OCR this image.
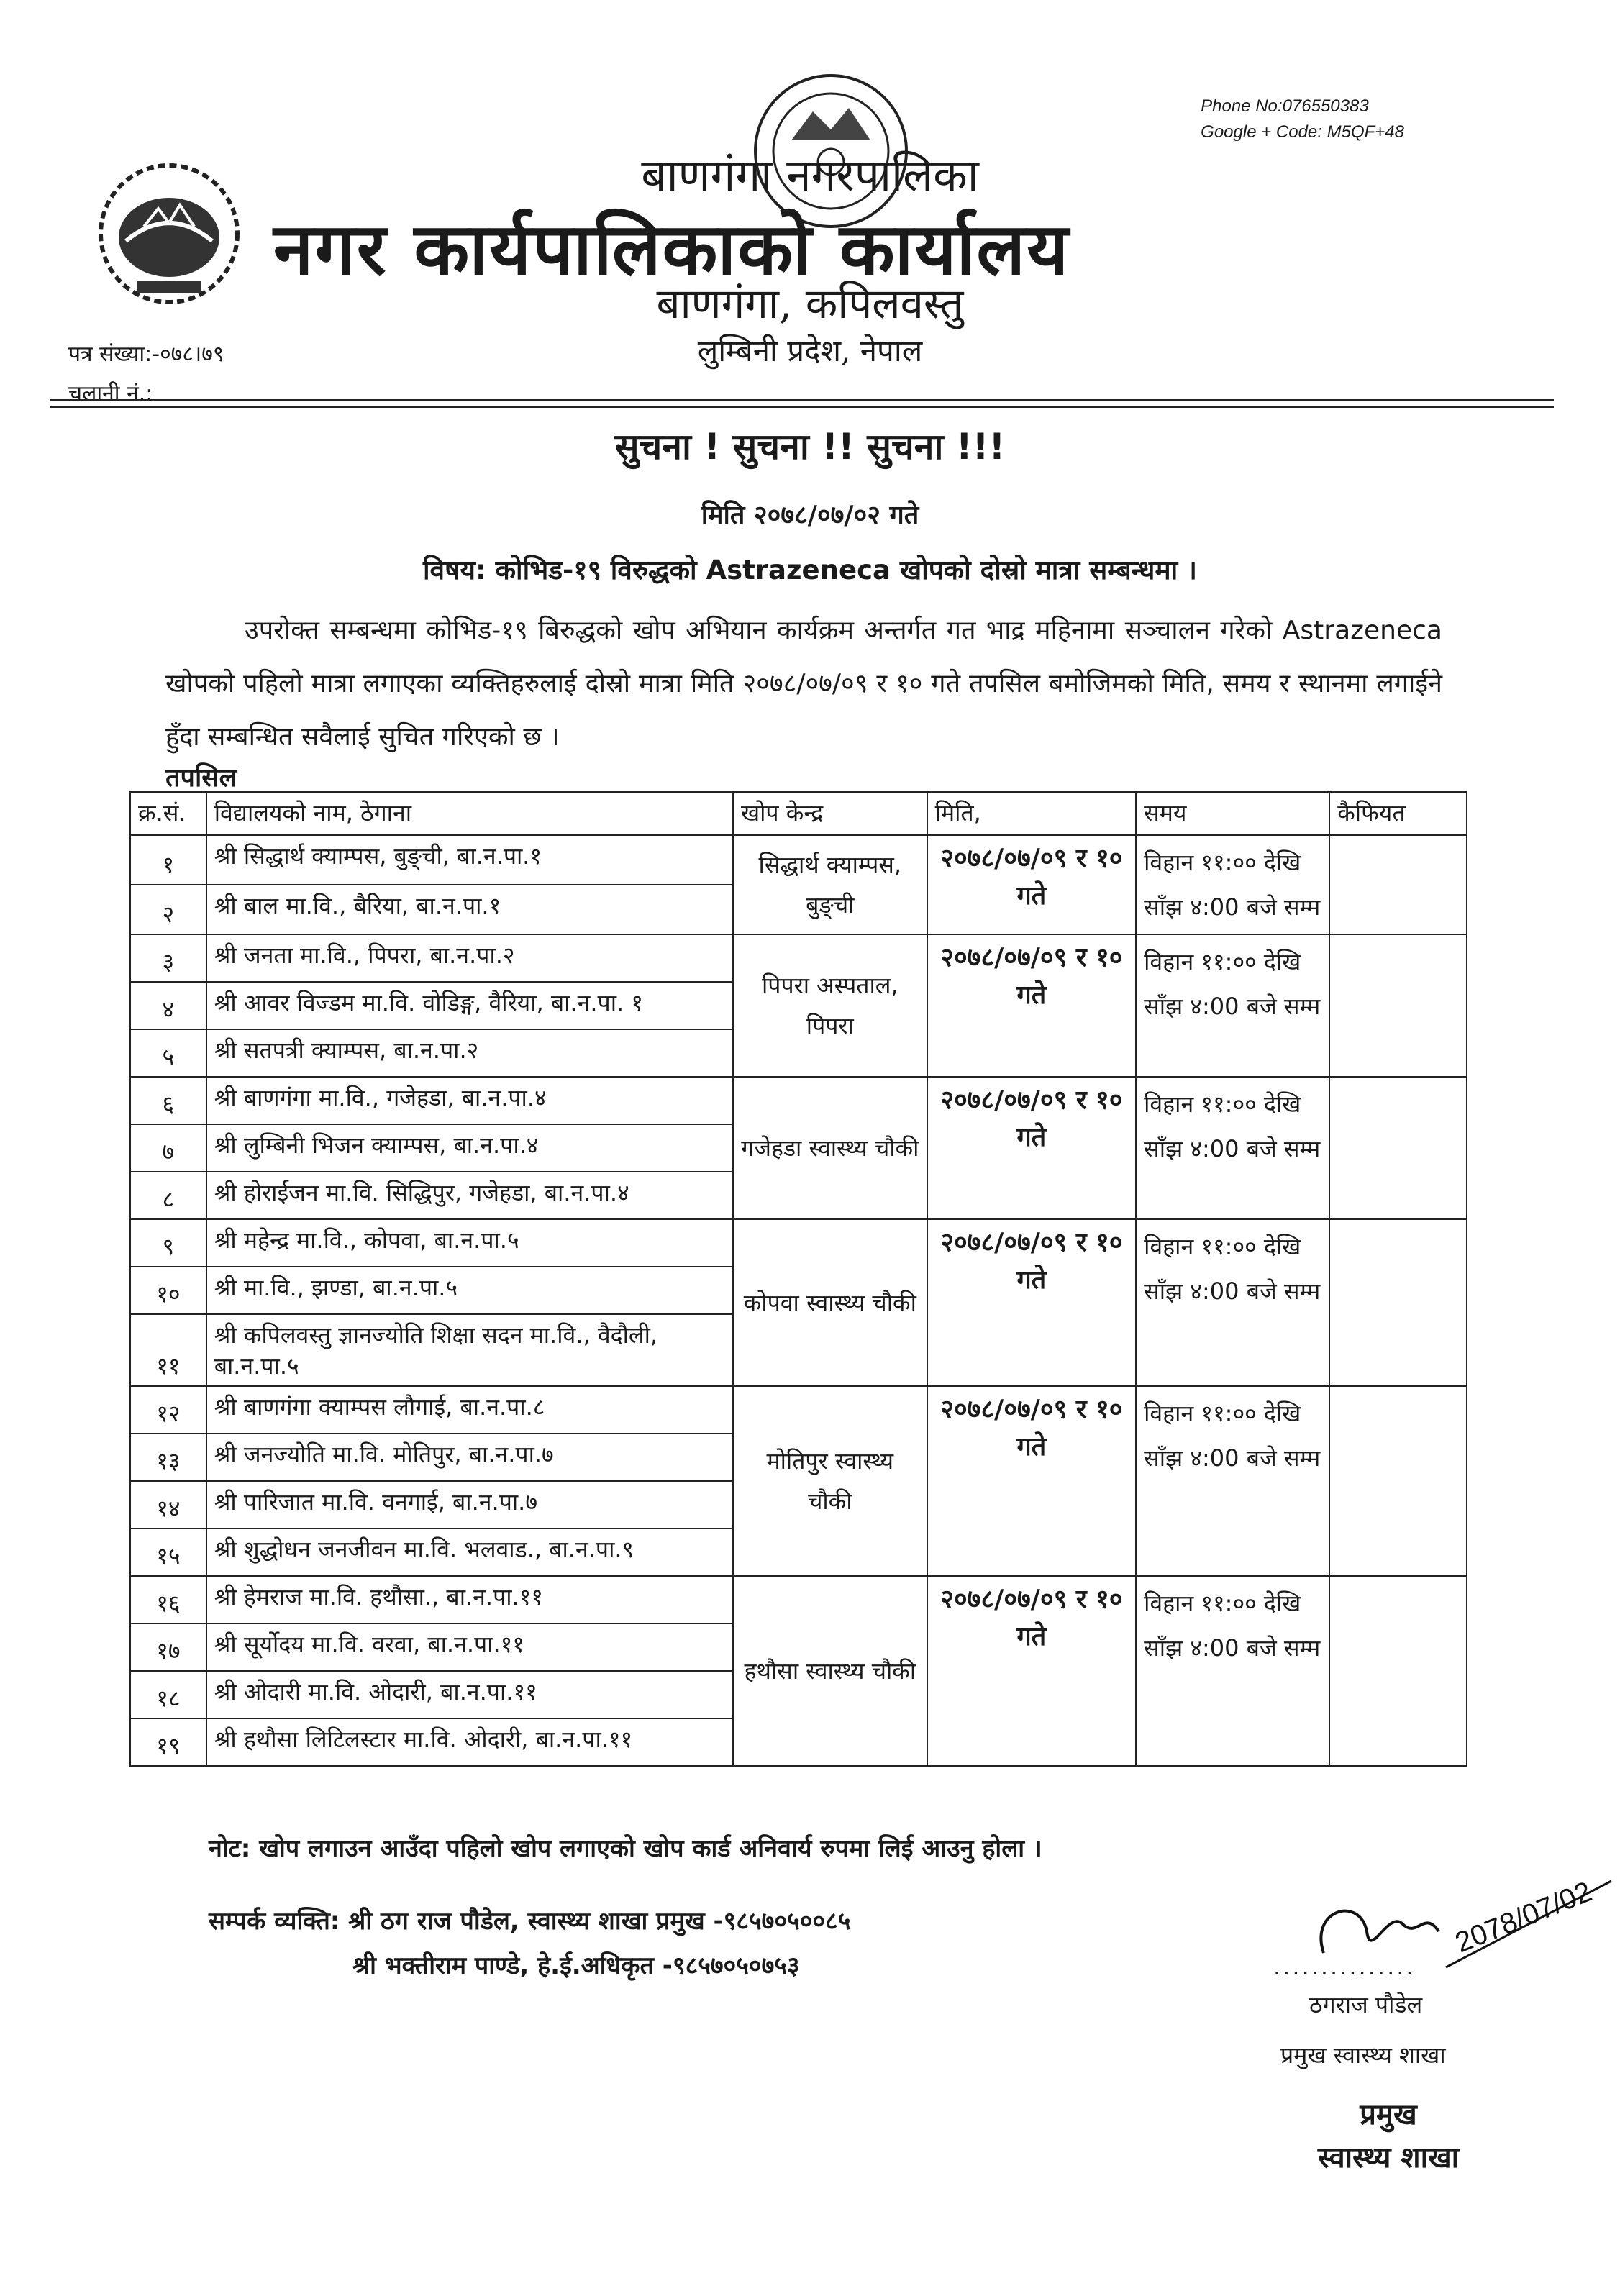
Phone No:076550383
Google + Code: M5QF+48
बाणगंगा नगरपालिका
नगर कार्यपालिकाको कार्यालय
बाणगंगा, कपिलवस्तु
लुम्बिनी प्रदेश, नेपाल
पत्र संख्या:-०७८।७९
चलानी नं.:
सुचना ! सुचना !! सुचना !!!
मिति २०७८/०७/०२ गते
विषय: कोभिड-१९ विरुद्धको Astrazeneca खोपको दोस्रो मात्रा सम्बन्धमा ।

उपरोक्त सम्बन्धमा कोभिड-१९ बिरुद्धको खोप अभियान कार्यक्रम अन्तर्गत गत भाद्र महिनामा सञ्चालन गरेको Astrazeneca खोपको पहिलो मात्रा लगाएका व्यक्तिहरुलाई दोस्रो मात्रा मिति २०७८/०७/०९ र १० गते तपसिल बमोजिमको मिति, समय र स्थानमा लगाईने हुँदा सम्बन्धित सवैलाई सुचित गरिएको छ ।

तपसिल
क्र.सं.	विद्यालयको नाम, ठेगाना	खोप केन्द्र	मिति,	समय	कैफियत
१	श्री सिद्धार्थ क्याम्पस, बुङ्ची, बा.न.पा.१	सिद्धार्थ क्याम्पस, बुङ्ची	२०७८/०७/०९ र १० गते	विहान ११:०० देखि साँझ ४:00 बजे सम्म	
२	श्री बाल मा.वि., बैरिया, बा.न.पा.१				
३	श्री जनता मा.वि., पिपरा, बा.न.पा.२	पिपरा अस्पताल, पिपरा	२०७८/०७/०९ र १० गते	विहान ११:०० देखि साँझ ४:00 बजे सम्म	
४	श्री आवर विज्डम मा.वि. वोडिङ्ग, वैरिया, बा.न.पा. १				
५	श्री सतपत्री क्याम्पस, बा.न.पा.२				
६	श्री बाणगंगा मा.वि., गजेहडा, बा.न.पा.४	गजेहडा स्वास्थ्य चौकी	२०७८/०७/०९ र १० गते	विहान ११:०० देखि साँझ ४:00 बजे सम्म	
७	श्री लुम्बिनी भिजन क्याम्पस, बा.न.पा.४				
८	श्री होराईजन मा.वि. सिद्धिपुर, गजेहडा, बा.न.पा.४				
९	श्री महेन्द्र मा.वि., कोपवा, बा.न.पा.५	कोपवा स्वास्थ्य चौकी	२०७८/०७/०९ र १० गते	विहान ११:०० देखि साँझ ४:00 बजे सम्म	
१०	श्री मा.वि., झण्डा, बा.न.पा.५				
११	श्री कपिलवस्तु ज्ञानज्योति शिक्षा सदन मा.वि., वैदौली, बा.न.पा.५				
१२	श्री बाणगंगा क्याम्पस लौगाई, बा.न.पा.८	मोतिपुर स्वास्थ्य चौकी	२०७८/०७/०९ र १० गते	विहान ११:०० देखि साँझ ४:00 बजे सम्म	
१३	श्री जनज्योति मा.वि. मोतिपुर, बा.न.पा.७				
१४	श्री पारिजात मा.वि. वनगाई, बा.न.पा.७				
१५	श्री शुद्धोधन जनजीवन मा.वि. भलवाड., बा.न.पा.९				
१६	श्री हेमराज मा.वि. हथौसा., बा.न.पा.११	हथौसा स्वास्थ्य चौकी	२०७८/०७/०९ र १० गते	विहान ११:०० देखि साँझ ४:00 बजे सम्म	
१७	श्री सूर्योदय मा.वि. वरवा, बा.न.पा.११				
१८	श्री ओदारी मा.वि. ओदारी, बा.न.पा.११				
१९	श्री हथौसा लिटिलस्टार मा.वि. ओदारी, बा.न.पा.११				
नोट: खोप लगाउन आउँदा पहिलो खोप लगाएको खोप कार्ड अनिवार्य रुपमा लिई आउनु होला ।
सम्पर्क व्यक्ति: श्री ठग राज पौडेल, स्वास्थ्य शाखा प्रमुख -९८५७०५००८५
श्री भक्तीराम पाण्डे, हे.ई.अधिकृत -९८५७०५०७५३
2078/07/02
...............
ठगराज पौडेल
प्रमुख स्वास्थ्य शाखा
प्रमुख
स्वास्थ्य शाखा
